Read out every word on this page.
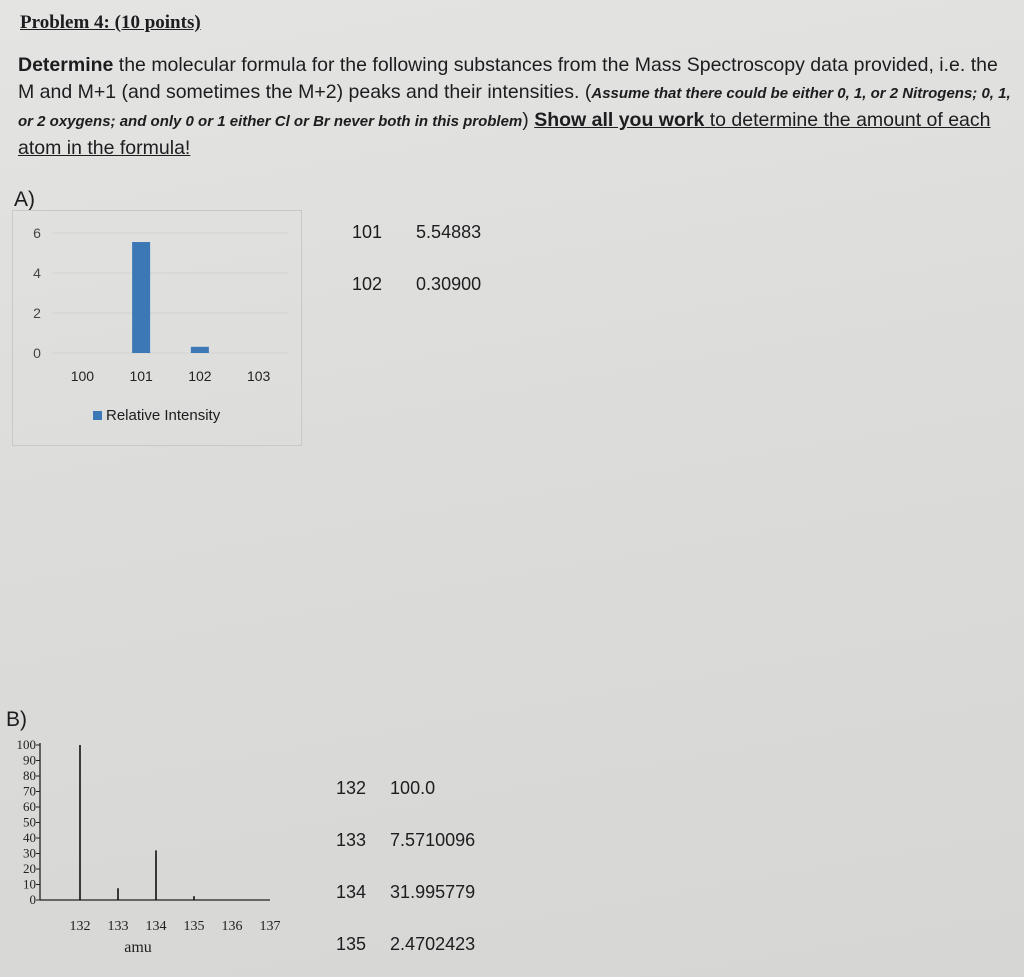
Problem 4: (10 points)
Determine the molecular formula for the following substances from the Mass Spectroscopy data provided, i.e. the M and M+1 (and sometimes the M+2) peaks and their intensities. (Assume that there could be either 0, 1, or 2 Nitrogens; 0, 1, or 2 oxygens; and only 0 or 1 either Cl or Br never both in this problem) Show all you work to determine the amount of each atom in the formula!
A)
0
2
4
6
100	101	102	103
Relative Intensity
101 5.54883
102 0.30900
B)
0
10
20
30
40
50
60
70
80
90
100
132 133 134 135 136 137
amu
132 100.0
133 7.5710096
134 31.995779
135 2.4702423
